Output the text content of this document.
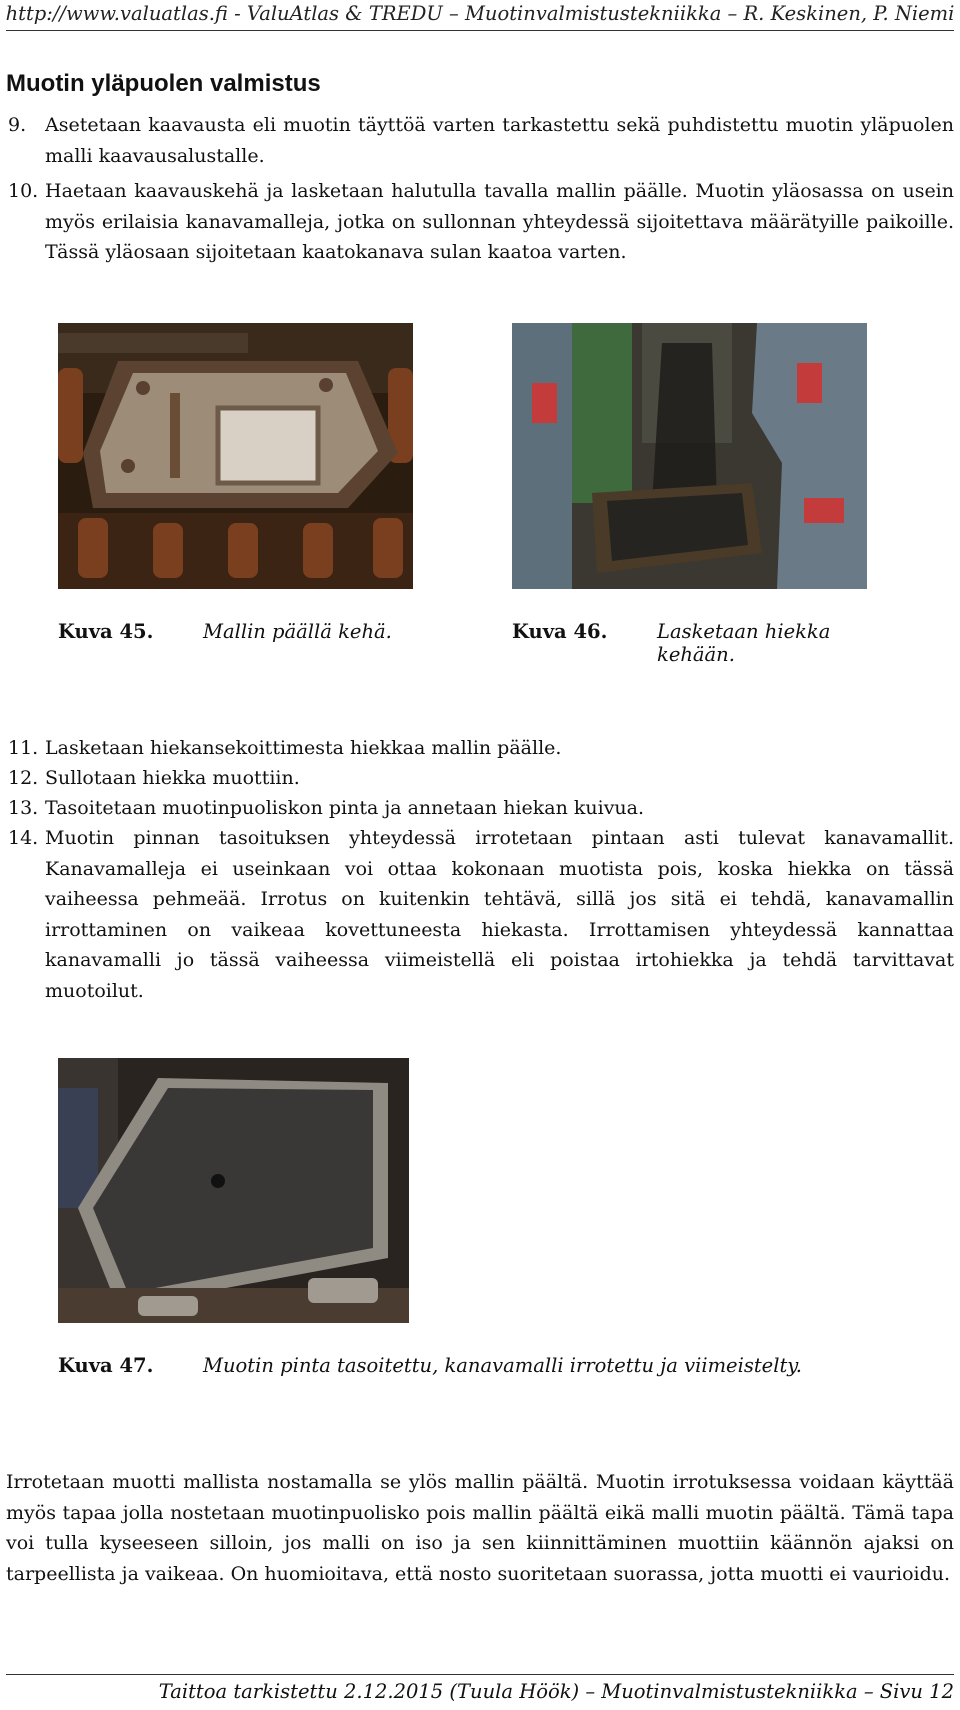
http://www.valuatlas.fi - ValuAtlas & TREDU – Muotinvalmistustekniikka – R. Keskinen, P. Niemi
Muotin yläpuolen valmistus
9. Asetetaan kaavausta eli muotin täyttöä varten tarkastettu sekä puhdistettu muotin yläpuolen malli kaavausalustalle.
10. Haetaan kaavauskehä ja lasketaan halutulla tavalla mallin päälle. Muotin yläosassa on usein myös erilaisia kanavamalleja, jotka on sullonnan yhteydessä sijoitettava määrätyille paikoille. Tässä yläosaan sijoitetaan kaatokanava sulan kaatoa varten.
Kuva 45.	Mallin päällä kehä.	Kuva 46.	Lasketaan hiekka kehään.
11. Lasketaan hiekansekoittimesta hiekkaa mallin päälle.
12. Sullotaan hiekka muottiin.
13. Tasoitetaan muotinpuoliskon pinta ja annetaan hiekan kuivua.
14. Muotin pinnan tasoituksen yhteydessä irrotetaan pintaan asti tulevat kanavamallit. Kanavamalleja ei useinkaan voi ottaa kokonaan muotista pois, koska hiekka on tässä vaiheessa pehmeää. Irrotus on kuitenkin tehtävä, sillä jos sitä ei tehdä, kanavamallin irrottaminen on vaikeaa kovettuneesta hiekasta. Irrottamisen yhteydessä kannattaa kanavamalli jo tässä vaiheessa viimeistellä eli poistaa irtohiekka ja tehdä tarvittavat muotoilut.
Kuva 47.	Muotin pinta tasoitettu, kanavamalli irrotettu ja viimeistelty.
Irrotetaan muotti mallista nostamalla se ylös mallin päältä. Muotin irrotuksessa voidaan käyttää myös tapaa jolla nostetaan muotinpuolisko pois mallin päältä eikä malli muotin päältä. Tämä tapa voi tulla kyseeseen silloin, jos malli on iso ja sen kiinnittäminen muottiin käännön ajaksi on tarpeellista ja vaikeaa. On huomioitava, että nosto suoritetaan suorassa, jotta muotti ei vaurioidu.
Taittoa tarkistettu 2.12.2015 (Tuula Höök) – Muotinvalmistustekniikka – Sivu 12
